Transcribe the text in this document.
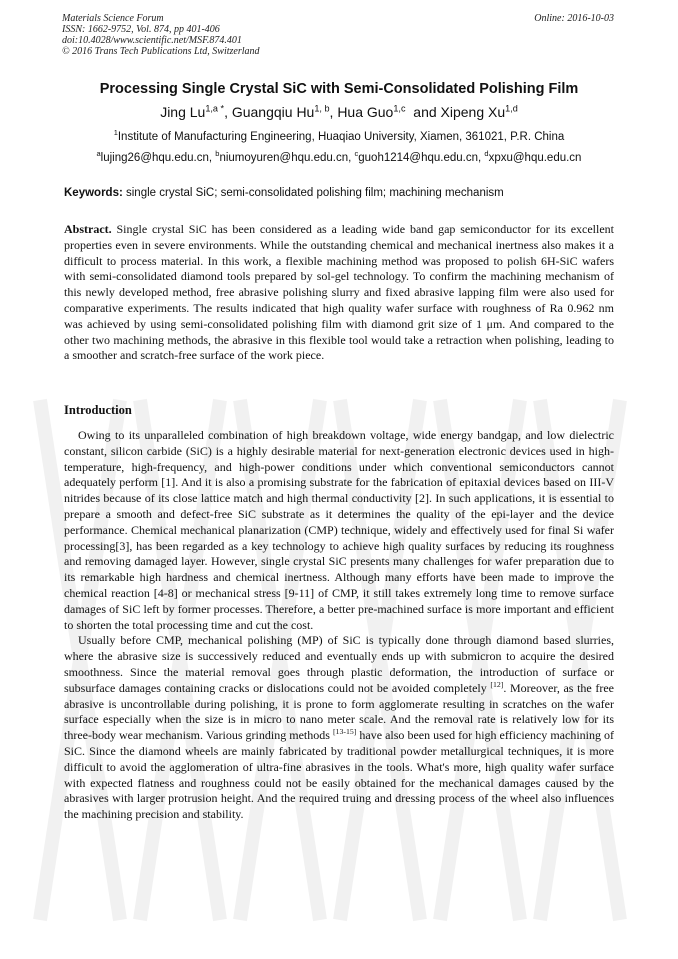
Materials Science Forum
ISSN: 1662-9752, Vol. 874, pp 401-406
doi:10.4028/www.scientific.net/MSF.874.401
© 2016 Trans Tech Publications Ltd, Switzerland
Online: 2016-10-03
Processing Single Crystal SiC with Semi-Consolidated Polishing Film
Jing $Lu^{1,a *}$, Guangqiu Hu$^{1, b}$, Hua Guo$^{1,c}$  and Xipeng Xu$^{1,d}$
$^1$Institute of Manufacturing Engineering, Huaqiao University, Xiamen, 361021, P.R. China
$^a$lujing26@hqu.edu.cn, $^b$niumoyuren@hqu.edu.cn, $^c$guoh1214@hqu.edu.cn, $^d$xpxu@hqu.edu.cn
Keywords: single crystal SiC; semi-consolidated polishing film; machining mechanism
Abstract. Single crystal SiC has been considered as a leading wide band gap semiconductor for its excellent properties even in severe environments. While the outstanding chemical and mechanical inertness also makes it a difficult to process material. In this work, a flexible machining method was proposed to polish 6H-SiC wafers with semi-consolidated diamond tools prepared by sol-gel technology. To confirm the machining mechanism of this newly developed method, free abrasive polishing slurry and fixed abrasive lapping film were also used for comparative experiments. The results indicated that high quality wafer surface with roughness of Ra 0.962 nm was achieved by using semi-consolidated polishing film with diamond grit size of 1 μm. And compared to the other two machining methods, the abrasive in this flexible tool would take a retraction when polishing, leading to a smoother and scratch-free surface of the work piece.
Introduction

Owing to its unparalleled combination of high breakdown voltage, wide energy bandgap, and low dielectric constant, silicon carbide (SiC) is a highly desirable material for next-generation electronic devices used in high-temperature, high-frequency, and high-power conditions under which conventional semiconductors cannot adequately perform [1]. And it is also a promising substrate for the fabrication of epitaxial devices based on III-V nitrides because of its close lattice match and high thermal conductivity [2]. In such applications, it is essential to prepare a smooth and defect-free SiC substrate as it determines the quality of the epi-layer and the device performance. Chemical mechanical planarization (CMP) technique, widely and effectively used for final Si wafer processing[3], has been regarded as a key technology to achieve high quality surfaces by reducing its roughness and removing damaged layer. However, single crystal SiC presents many challenges for wafer preparation due to its remarkable high hardness and chemical inertness. Although many efforts have been made to improve the chemical reaction [4-8] or mechanical stress [9-11] of CMP, it still takes extremely long time to remove surface damages of SiC left by former processes. Therefore, a better pre-machined surface is more important and efficient to shorten the total processing time and cut the cost.

Usually before CMP, mechanical polishing (MP) of SiC is typically done through diamond based slurries, where the abrasive size is successively reduced and eventually ends up with submicron to acquire the desired smoothness. Since the material removal goes through plastic deformation, the introduction of surface or subsurface damages containing cracks or dislocations could not be avoided completely [12]. Moreover, as the free abrasive is uncontrollable during polishing, it is prone to form agglomerate resulting in scratches on the wafer surface especially when the size is in micro to nano meter scale. And the removal rate is relatively low for its three-body wear mechanism. Various grinding methods [13-15] have also been used for high efficiency machining of SiC. Since the diamond wheels are mainly fabricated by traditional powder metallurgical techniques, it is more difficult to avoid the agglomeration of ultra-fine abrasives in the tools. What's more, high quality wafer surface with expected flatness and roughness could not be easily obtained for the mechanical damages caused by the abrasives with larger protrusion height. And the required truing and dressing process of the wheel also influences the machining precision and stability.
